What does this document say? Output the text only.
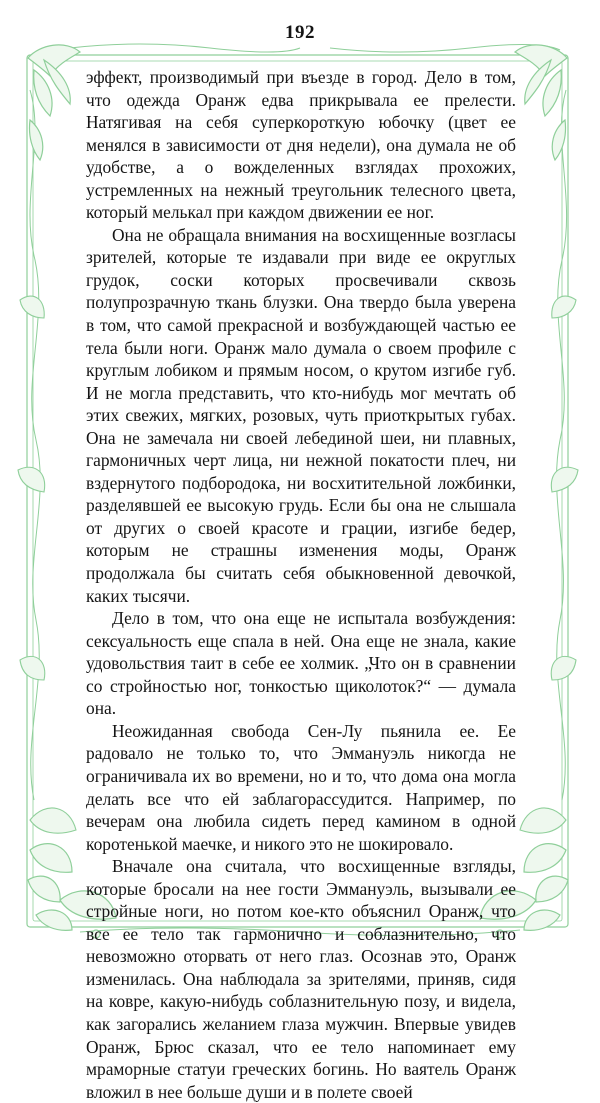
192

эффект, производимый при въезде в город. Дело в том, что одежда Оранж едва прикрывала ее прелести. Натягивая на себя суперкороткую юбочку (цвет ее менялся в зависимости от дня недели), она думала не об удобстве, а о вожделенных взглядах прохожих, устремленных на нежный треугольник телесного цвета, который мелькал при каждом движении ее ног.

Она не обращала внимания на восхищенные возгласы зрителей, которые те издавали при виде ее округлых грудок, соски которых просвечивали сквозь полупрозрачную ткань блузки. Она твердо была уверена в том, что самой прекрасной и возбуждающей частью ее тела были ноги. Оранж мало думала о своем профиле с круглым лобиком и прямым носом, о крутом изгибе губ. И не могла представить, что кто-нибудь мог мечтать об этих свежих, мягких, розовых, чуть приоткрытых губах. Она не замечала ни своей лебединой шеи, ни плавных, гармоничных черт лица, ни нежной покатости плеч, ни вздернутого подбородока, ни восхитительной ложбинки, разделявшей ее высокую грудь. Если бы она не слышала от других о своей красоте и грации, изгибе бедер, которым не страшны изменения моды, Оранж продолжала бы считать себя обыкновенной девочкой, каких тысячи.

Дело в том, что она еще не испытала возбуждения: сексуальность еще спала в ней. Она еще не знала, какие удовольствия таит в себе ее холмик. „Что он в сравнении со стройностью ног, тонкостью щиколоток?“ — думала она.

Неожиданная свобода Сен-Лу пьянила ее. Ее радовало не только то, что Эммануэль никогда не ограничивала их во времени, но и то, что дома она могла делать все что ей заблагорассудится. Например, по вечерам она любила сидеть перед камином в одной коротенькой маечке, и никого это не шокировало.

Вначале она считала, что восхищенные взгляды, которые бросали на нее гости Эммануэль, вызывали ее стройные ноги, но потом кое-кто объяснил Оранж, что все ее тело так гармонично и соблазнительно, что невозможно оторвать от него глаз. Осознав это, Оранж изменилась. Она наблюдала за зрителями, приняв, сидя на ковре, какую-нибудь соблазнительную позу, и видела, как загорались желанием глаза мужчин. Впервые увидев Оранж, Брюс сказал, что ее тело напоминает ему мраморные статуи греческих богинь. Но ваятель Оранж вложил в нее больше души и в полете своей
